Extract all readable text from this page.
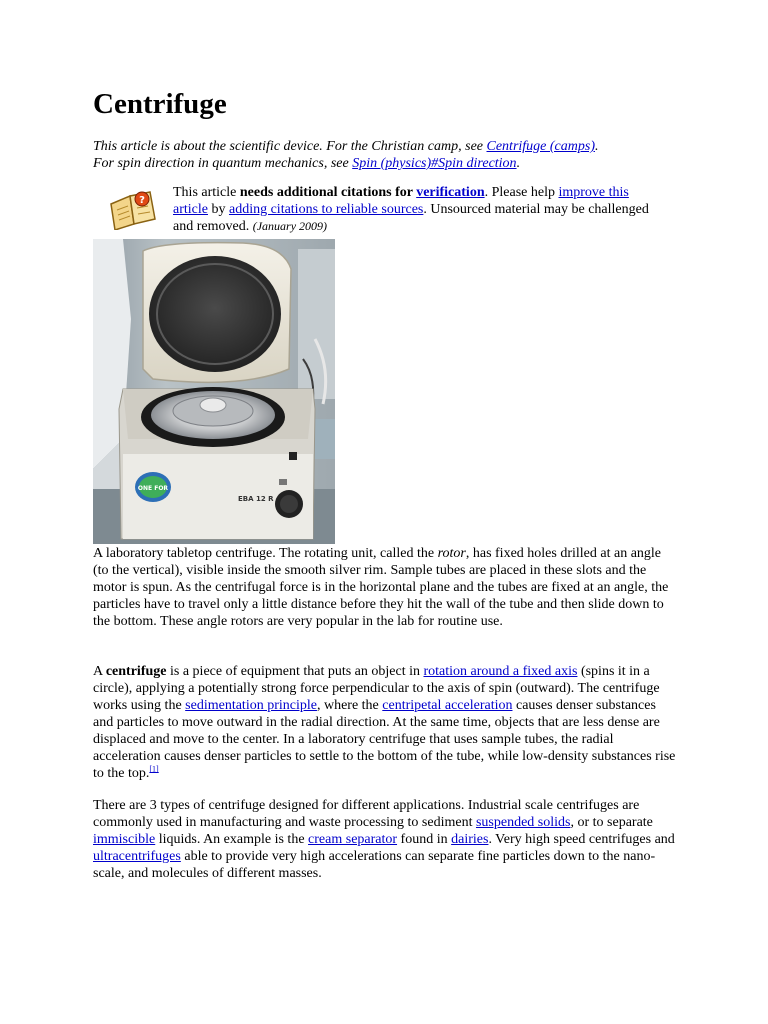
Centrifuge
This article is about the scientific device. For the Christian camp, see Centrifuge (camps).
For spin direction in quantum mechanics, see Spin (physics)#Spin direction.
?
This article needs additional citations for verification. Please help improve this article by adding citations to reliable sources. Unsourced material may be challenged and removed. (January 2009)
ONE FOR
EBA 12 R
A laboratory tabletop centrifuge. The rotating unit, called the rotor, has fixed holes drilled at an angle (to the vertical), visible inside the smooth silver rim. Sample tubes are placed in these slots and the motor is spun. As the centrifugal force is in the horizontal plane and the tubes are fixed at an angle, the particles have to travel only a little distance before they hit the wall of the tube and then slide down to the bottom. These angle rotors are very popular in the lab for routine use.
A centrifuge is a piece of equipment that puts an object in rotation around a fixed axis (spins it in a circle), applying a potentially strong force perpendicular to the axis of spin (outward). The centrifuge works using the sedimentation principle, where the centripetal acceleration causes denser substances and particles to move outward in the radial direction. At the same time, objects that are less dense are displaced and move to the center. In a laboratory centrifuge that uses sample tubes, the radial acceleration causes denser particles to settle to the bottom of the tube, while low-density substances rise to the top.[1]
There are 3 types of centrifuge designed for different applications. Industrial scale centrifuges are commonly used in manufacturing and waste processing to sediment suspended solids, or to separate immiscible liquids. An example is the cream separator found in dairies. Very high speed centrifuges and ultracentrifuges able to provide very high accelerations can separate fine particles down to the nano-scale, and molecules of different masses.
